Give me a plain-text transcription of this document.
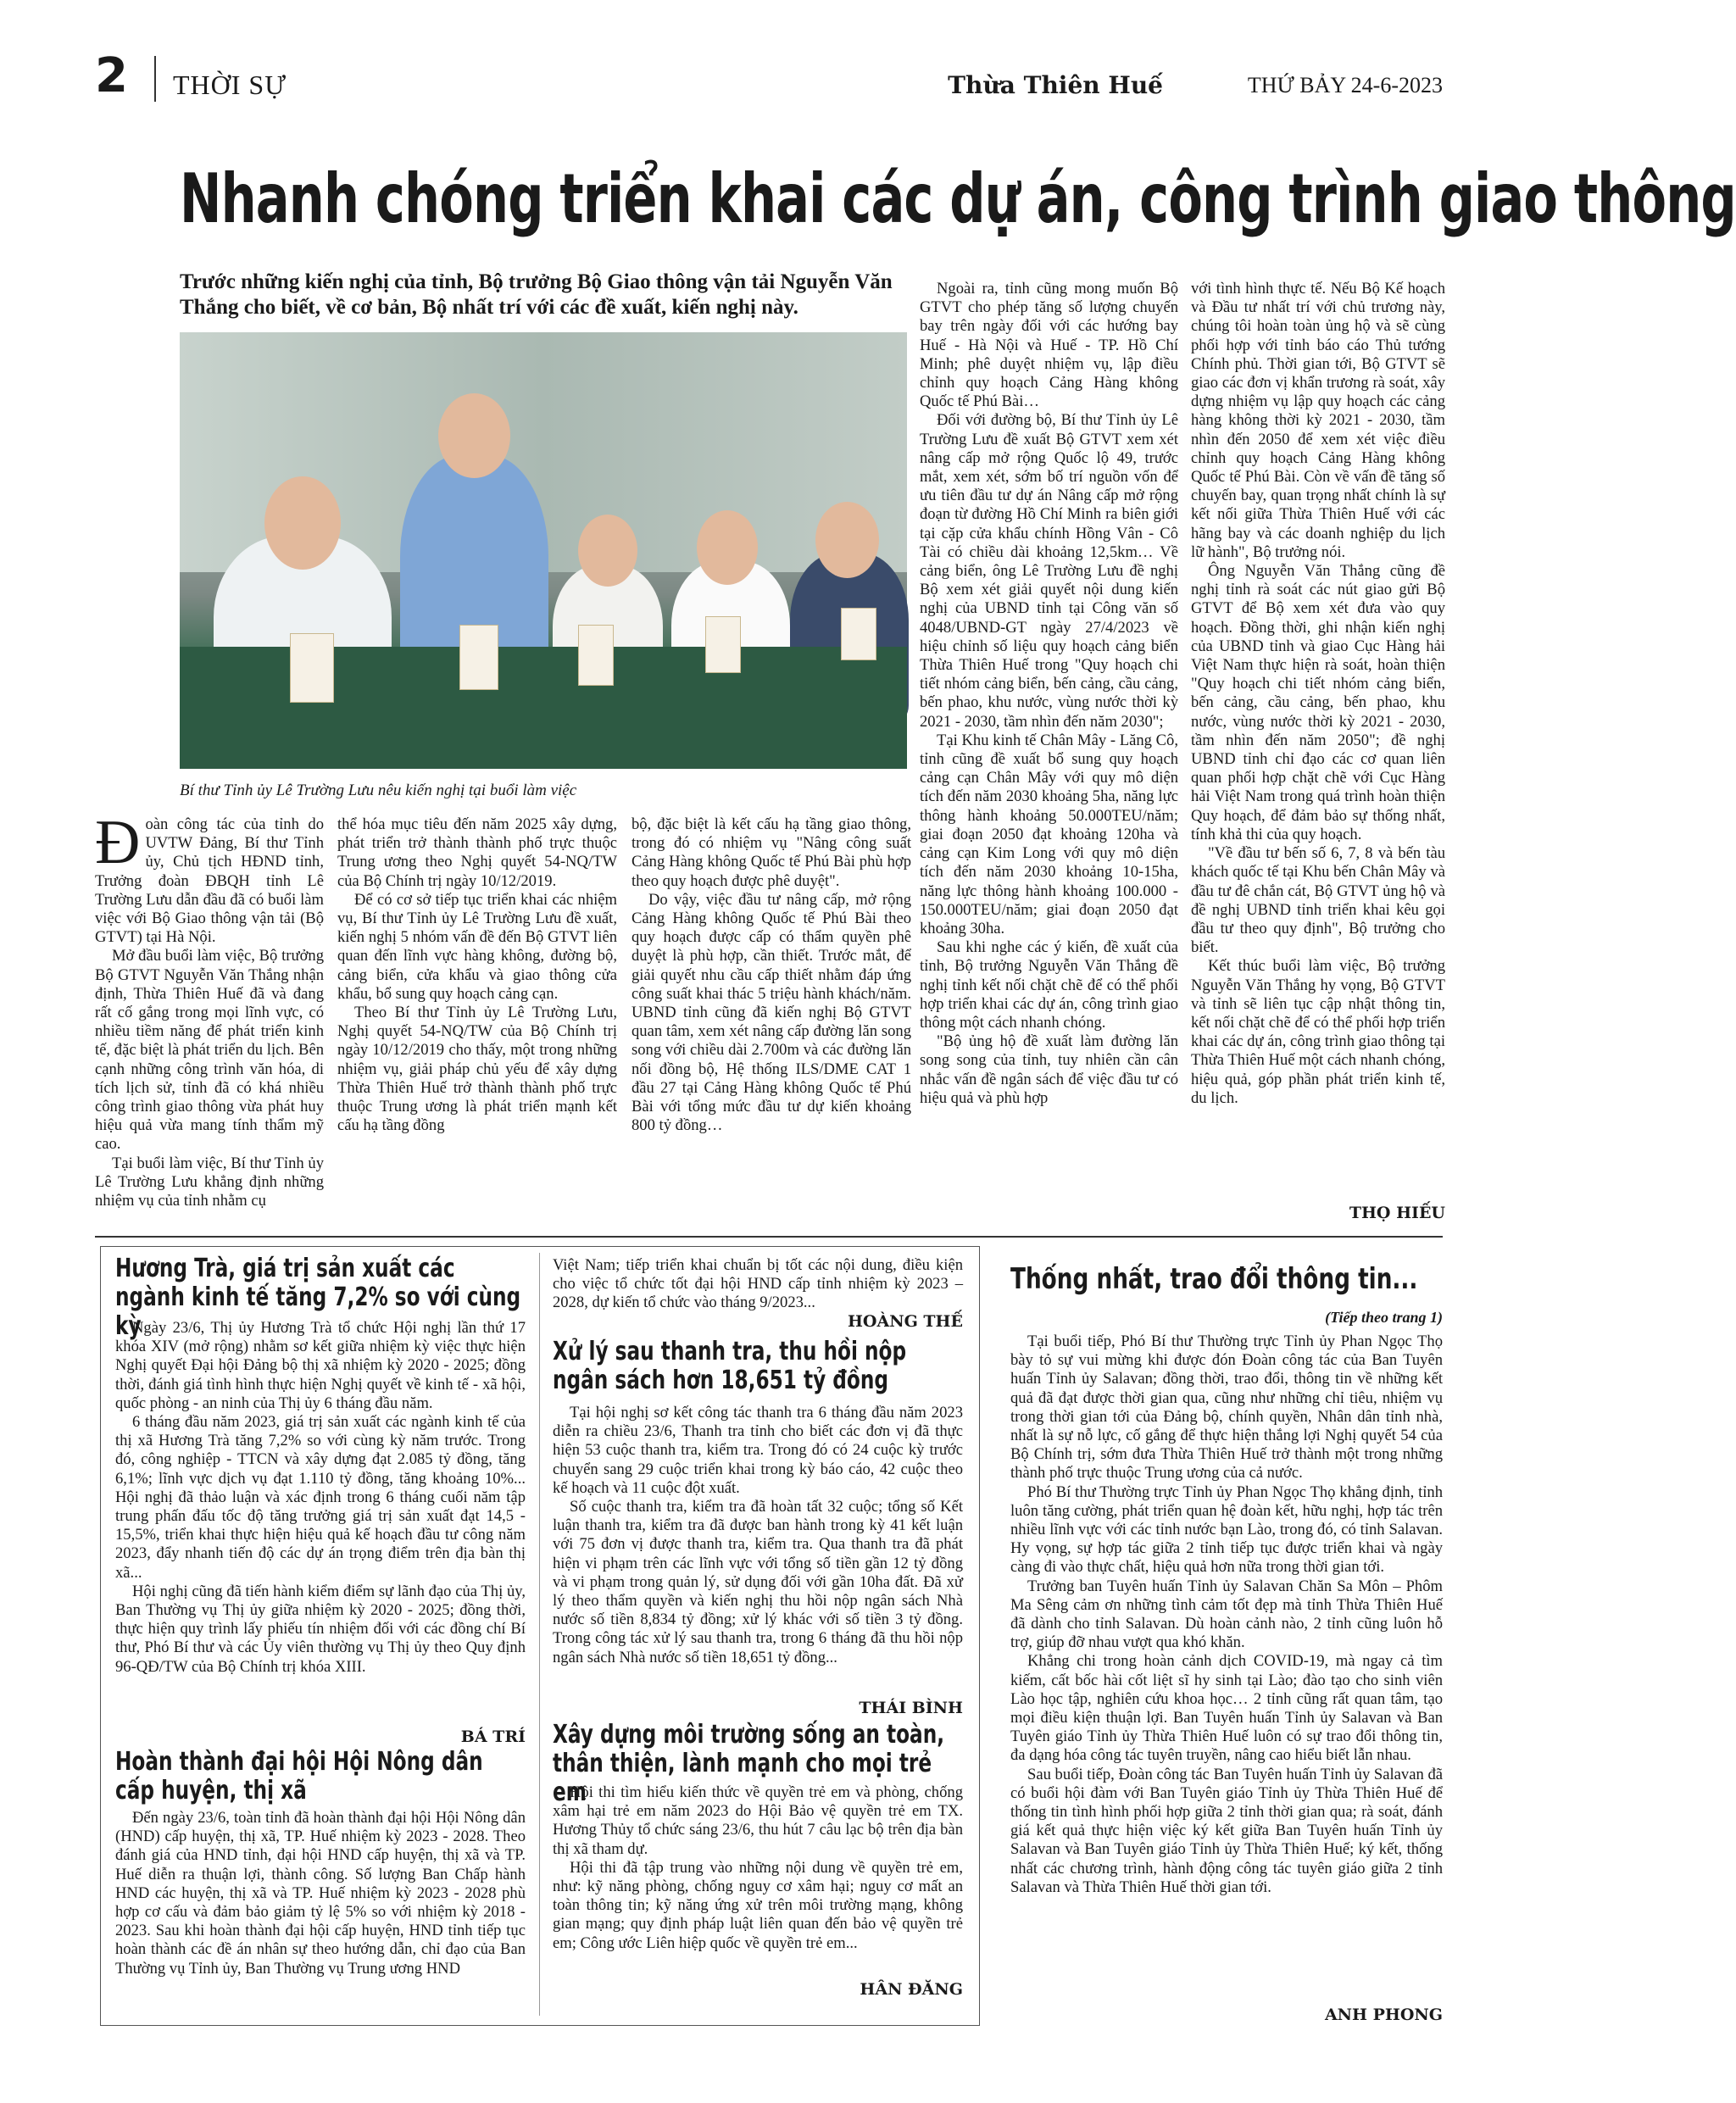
2 THỜI SỰ	Thừa Thiên Huế	THỨ BẢY 24-6-2023
Nhanh chóng triển khai các dự án, công trình giao thông
Trước những kiến nghị của tỉnh, Bộ trưởng Bộ Giao thông vận tải Nguyễn Văn Thắng cho biết, về cơ bản, Bộ nhất trí với các đề xuất, kiến nghị này.
Bí thư Tỉnh ủy Lê Trường Lưu nêu kiến nghị tại buổi làm việc

Đoàn công tác của tỉnh do UVTW Đảng, Bí thư Tỉnh ủy, Chủ tịch HĐND tỉnh, Trưởng đoàn ĐBQH tỉnh Lê Trường Lưu dẫn đầu đã có buổi làm việc với Bộ Giao thông vận tải (Bộ GTVT) tại Hà Nội.

Mở đầu buổi làm việc, Bộ trưởng Bộ GTVT Nguyễn Văn Thắng nhận định, Thừa Thiên Huế đã và đang rất cố gắng trong mọi lĩnh vực, có nhiều tiềm năng để phát triển kinh tế, đặc biệt là phát triển du lịch. Bên cạnh những công trình văn hóa, di tích lịch sử, tỉnh đã có khá nhiều công trình giao thông vừa phát huy hiệu quả vừa mang tính thẩm mỹ cao.

Tại buổi làm việc, Bí thư Tỉnh ủy Lê Trường Lưu khẳng định những nhiệm vụ của tỉnh nhằm cụ

thể hóa mục tiêu đến năm 2025 xây dựng, phát triển trở thành thành phố trực thuộc Trung ương theo Nghị quyết 54-NQ/TW của Bộ Chính trị ngày 10/12/2019.

Để có cơ sở tiếp tục triển khai các nhiệm vụ, Bí thư Tỉnh ủy Lê Trường Lưu đề xuất, kiến nghị 5 nhóm vấn đề đến Bộ GTVT liên quan đến lĩnh vực hàng không, đường bộ, cảng biển, cửa khẩu và giao thông cửa khẩu, bổ sung quy hoạch cảng cạn.

Theo Bí thư Tỉnh ủy Lê Trường Lưu, Nghị quyết 54-NQ/TW của Bộ Chính trị ngày 10/12/2019 cho thấy, một trong những nhiệm vụ, giải pháp chủ yếu để xây dựng Thừa Thiên Huế trở thành thành phố trực thuộc Trung ương là phát triển mạnh kết cấu hạ tầng đồng

bộ, đặc biệt là kết cấu hạ tầng giao thông, trong đó có nhiệm vụ "Nâng công suất Cảng Hàng không Quốc tế Phú Bài phù hợp theo quy hoạch được phê duyệt".

Do vậy, việc đầu tư nâng cấp, mở rộng Cảng Hàng không Quốc tế Phú Bài theo quy hoạch được cấp có thẩm quyền phê duyệt là phù hợp, cần thiết. Trước mắt, để giải quyết nhu cầu cấp thiết nhằm đáp ứng công suất khai thác 5 triệu hành khách/năm. UBND tỉnh cũng đã kiến nghị Bộ GTVT quan tâm, xem xét nâng cấp đường lăn song song với chiều dài 2.700m và các đường lăn nối đồng bộ, Hệ thống ILS/DME CAT 1 đầu 27 tại Cảng Hàng không Quốc tế Phú Bài với tổng mức đầu tư dự kiến khoảng 800 tỷ đồng…

Ngoài ra, tỉnh cũng mong muốn Bộ GTVT cho phép tăng số lượng chuyến bay trên ngày đối với các hướng bay Huế - Hà Nội và Huế - TP. Hồ Chí Minh; phê duyệt nhiệm vụ, lập điều chỉnh quy hoạch Cảng Hàng không Quốc tế Phú Bài…

Đối với đường bộ, Bí thư Tỉnh ủy Lê Trường Lưu đề xuất Bộ GTVT xem xét nâng cấp mở rộng Quốc lộ 49, trước mắt, xem xét, sớm bố trí nguồn vốn để ưu tiên đầu tư dự án Nâng cấp mở rộng đoạn từ đường Hồ Chí Minh ra biên giới tại cặp cửa khẩu chính Hồng Vân - Cô Tài có chiều dài khoảng 12,5km… Về cảng biển, ông Lê Trường Lưu đề nghị Bộ xem xét giải quyết nội dung kiến nghị của UBND tỉnh tại Công văn số 4048/UBND-GT ngày 27/4/2023 về hiệu chỉnh số liệu quy hoạch cảng biển Thừa Thiên Huế trong "Quy hoạch chi tiết nhóm cảng biển, bến cảng, cầu cảng, bến phao, khu nước, vùng nước thời kỳ 2021 - 2030, tầm nhìn đến năm 2030";

Tại Khu kinh tế Chân Mây - Lăng Cô, tỉnh cũng đề xuất bổ sung quy hoạch cảng cạn Chân Mây với quy mô diện tích đến năm 2030 khoảng 5ha, năng lực thông hành khoảng 50.000TEU/năm; giai đoạn 2050 đạt khoảng 120ha và cảng cạn Kim Long với quy mô diện tích đến năm 2030 khoảng 10-15ha, năng lực thông hành khoảng 100.000 - 150.000TEU/năm; giai đoạn 2050 đạt khoảng 30ha.

Sau khi nghe các ý kiến, đề xuất của tỉnh, Bộ trưởng Nguyễn Văn Thắng đề nghị tỉnh kết nối chặt chẽ để có thể phối hợp triển khai các dự án, công trình giao thông một cách nhanh chóng.

"Bộ ủng hộ đề xuất làm đường lăn song song của tỉnh, tuy nhiên cần cân nhắc vấn đề ngân sách để việc đầu tư có hiệu quả và phù hợp

với tình hình thực tế. Nếu Bộ Kế hoạch và Đầu tư nhất trí với chủ trương này, chúng tôi hoàn toàn ủng hộ và sẽ cùng phối hợp với tỉnh báo cáo Thủ tướng Chính phủ. Thời gian tới, Bộ GTVT sẽ giao các đơn vị khẩn trương rà soát, xây dựng nhiệm vụ lập quy hoạch các cảng hàng không thời kỳ 2021 - 2030, tầm nhìn đến 2050 để xem xét việc điều chỉnh quy hoạch Cảng Hàng không Quốc tế Phú Bài. Còn về vấn đề tăng số chuyến bay, quan trọng nhất chính là sự kết nối giữa Thừa Thiên Huế với các hãng bay và các doanh nghiệp du lịch lữ hành", Bộ trưởng nói.

Ông Nguyễn Văn Thắng cũng đề nghị tỉnh rà soát các nút giao gửi Bộ GTVT để Bộ xem xét đưa vào quy hoạch. Đồng thời, ghi nhận kiến nghị của UBND tỉnh và giao Cục Hàng hải Việt Nam thực hiện rà soát, hoàn thiện "Quy hoạch chi tiết nhóm cảng biển, bến cảng, cầu cảng, bến phao, khu nước, vùng nước thời kỳ 2021 - 2030, tầm nhìn đến năm 2050"; đề nghị UBND tỉnh chỉ đạo các cơ quan liên quan phối hợp chặt chẽ với Cục Hàng hải Việt Nam trong quá trình hoàn thiện Quy hoạch, để đảm bảo sự thống nhất, tính khả thi của quy hoạch.

"Về đầu tư bến số 6, 7, 8 và bến tàu khách quốc tế tại Khu bến Chân Mây và đầu tư đê chắn cát, Bộ GTVT ủng hộ và đề nghị UBND tỉnh triển khai kêu gọi đầu tư theo quy định", Bộ trưởng cho biết.

Kết thúc buổi làm việc, Bộ trưởng Nguyễn Văn Thắng hy vọng, Bộ GTVT và tỉnh sẽ liên tục cập nhật thông tin, kết nối chặt chẽ để có thể phối hợp triển khai các dự án, công trình giao thông tại Thừa Thiên Huế một cách nhanh chóng, hiệu quả, góp phần phát triển kinh tế, du lịch.

THỌ HIẾU
Hương Trà, giá trị sản xuất các ngành kinh tế tăng 7,2% so với cùng kỳ

Ngày 23/6, Thị ủy Hương Trà tổ chức Hội nghị lần thứ 17 khóa XIV (mở rộng) nhằm sơ kết giữa nhiệm kỳ việc thực hiện Nghị quyết Đại hội Đảng bộ thị xã nhiệm kỳ 2020 - 2025; đồng thời, đánh giá tình hình thực hiện Nghị quyết về kinh tế - xã hội, quốc phòng - an ninh của Thị ủy 6 tháng đầu năm.

6 tháng đầu năm 2023, giá trị sản xuất các ngành kinh tế của thị xã Hương Trà tăng 7,2% so với cùng kỳ năm trước. Trong đó, công nghiệp - TTCN và xây dựng đạt 2.085 tỷ đồng, tăng 6,1%; lĩnh vực dịch vụ đạt 1.110 tỷ đồng, tăng khoảng 10%... Hội nghị đã thảo luận và xác định trong 6 tháng cuối năm tập trung phấn đấu tốc độ tăng trưởng giá trị sản xuất đạt 14,5 - 15,5%, triển khai thực hiện hiệu quả kế hoạch đầu tư công năm 2023, đẩy nhanh tiến độ các dự án trọng điểm trên địa bàn thị xã...

Hội nghị cũng đã tiến hành kiểm điểm sự lãnh đạo của Thị ủy, Ban Thường vụ Thị ủy giữa nhiệm kỳ 2020 - 2025; đồng thời, thực hiện quy trình lấy phiếu tín nhiệm đối với các đồng chí Bí thư, Phó Bí thư và các Ủy viên thường vụ Thị ủy theo Quy định 96-QĐ/TW của Bộ Chính trị khóa XIII.

BÁ TRÍ
Hoàn thành đại hội Hội Nông dân cấp huyện, thị xã

Đến ngày 23/6, toàn tỉnh đã hoàn thành đại hội Hội Nông dân (HND) cấp huyện, thị xã, TP. Huế nhiệm kỳ 2023 - 2028. Theo đánh giá của HND tỉnh, đại hội HND cấp huyện, thị xã và TP. Huế diễn ra thuận lợi, thành công. Số lượng Ban Chấp hành HND các huyện, thị xã và TP. Huế nhiệm kỳ 2023 - 2028 phù hợp cơ cấu và đảm bảo giảm tỷ lệ 5% so với nhiệm kỳ 2018 - 2023. Sau khi hoàn thành đại hội cấp huyện, HND tỉnh tiếp tục hoàn thành các đề án nhân sự theo hướng dẫn, chỉ đạo của Ban Thường vụ Tỉnh ủy, Ban Thường vụ Trung ương HND

Việt Nam; tiếp triển khai chuẩn bị tốt các nội dung, điều kiện cho việc tổ chức tốt đại hội HND cấp tỉnh nhiệm kỳ 2023 – 2028, dự kiến tổ chức vào tháng 9/2023...

HOÀNG THẾ
Xử lý sau thanh tra, thu hồi nộp ngân sách hơn 18,651 tỷ đồng

Tại hội nghị sơ kết công tác thanh tra 6 tháng đầu năm 2023 diễn ra chiều 23/6, Thanh tra tỉnh cho biết các đơn vị đã thực hiện 53 cuộc thanh tra, kiểm tra. Trong đó có 24 cuộc kỳ trước chuyển sang 29 cuộc triển khai trong kỳ báo cáo, 42 cuộc theo kế hoạch và 11 cuộc đột xuất.

Số cuộc thanh tra, kiểm tra đã hoàn tất 32 cuộc; tổng số Kết luận thanh tra, kiểm tra đã được ban hành trong kỳ 41 kết luận với 75 đơn vị được thanh tra, kiểm tra. Qua thanh tra đã phát hiện vi phạm trên các lĩnh vực với tổng số tiền gần 12 tỷ đồng và vi phạm trong quản lý, sử dụng đối với gần 10ha đất. Đã xử lý theo thẩm quyền và kiến nghị thu hồi nộp ngân sách Nhà nước số tiền 8,834 tỷ đồng; xử lý khác với số tiền 3 tỷ đồng. Trong công tác xử lý sau thanh tra, trong 6 tháng đã thu hồi nộp ngân sách Nhà nước số tiền 18,651 tỷ đồng...

THÁI BÌNH
Xây dựng môi trường sống an toàn, thân thiện, lành mạnh cho mọi trẻ em

Hội thi tìm hiểu kiến thức về quyền trẻ em và phòng, chống xâm hại trẻ em năm 2023 do Hội Bảo vệ quyền trẻ em TX. Hương Thủy tổ chức sáng 23/6, thu hút 7 câu lạc bộ trên địa bàn thị xã tham dự.

Hội thi đã tập trung vào những nội dung về quyền trẻ em, như: kỹ năng phòng, chống nguy cơ xâm hại; nguy cơ mất an toàn thông tin; kỹ năng ứng xử trên môi trường mạng, không gian mạng; quy định pháp luật liên quan đến bảo vệ quyền trẻ em; Công ước Liên hiệp quốc về quyền trẻ em...

HÂN ĐĂNG
Thống nhất, trao đổi thông tin...
(Tiếp theo trang 1)

Tại buổi tiếp, Phó Bí thư Thường trực Tỉnh ủy Phan Ngọc Thọ bày tỏ sự vui mừng khi được đón Đoàn công tác của Ban Tuyên huấn Tỉnh ủy Salavan; đồng thời, trao đổi, thông tin về những kết quả đã đạt được thời gian qua, cũng như những chỉ tiêu, nhiệm vụ trong thời gian tới của Đảng bộ, chính quyền, Nhân dân tỉnh nhà, nhất là sự nỗ lực, cố gắng để thực hiện thắng lợi Nghị quyết 54 của Bộ Chính trị, sớm đưa Thừa Thiên Huế trở thành một trong những thành phố trực thuộc Trung ương của cả nước.

Phó Bí thư Thường trực Tỉnh ủy Phan Ngọc Thọ khẳng định, tỉnh luôn tăng cường, phát triển quan hệ đoàn kết, hữu nghị, hợp tác trên nhiều lĩnh vực với các tỉnh nước bạn Lào, trong đó, có tỉnh Salavan. Hy vọng, sự hợp tác giữa 2 tỉnh tiếp tục được triển khai và ngày càng đi vào thực chất, hiệu quả hơn nữa trong thời gian tới.

Trưởng ban Tuyên huấn Tỉnh ủy Salavan Chăn Sa Môn – Phôm Ma Sêng cảm ơn những tình cảm tốt đẹp mà tỉnh Thừa Thiên Huế đã dành cho tỉnh Salavan. Dù hoàn cảnh nào, 2 tỉnh cũng luôn hỗ trợ, giúp đỡ nhau vượt qua khó khăn.

Khẳng chi trong hoàn cảnh dịch COVID-19, mà ngay cả tìm kiếm, cất bốc hài cốt liệt sĩ hy sinh tại Lào; đào tạo cho sinh viên Lào học tập, nghiên cứu khoa học… 2 tỉnh cũng rất quan tâm, tạo mọi điều kiện thuận lợi. Ban Tuyên huấn Tỉnh ủy Salavan và Ban Tuyên giáo Tỉnh ủy Thừa Thiên Huế luôn có sự trao đổi thông tin, đa dạng hóa công tác tuyên truyền, nâng cao hiểu biết lẫn nhau.

Sau buổi tiếp, Đoàn công tác Ban Tuyên huấn Tỉnh ủy Salavan đã có buổi hội đàm với Ban Tuyên giáo Tỉnh ủy Thừa Thiên Huế để thống tin tình hình phối hợp giữa 2 tỉnh thời gian qua; rà soát, đánh giá kết quả thực hiện việc ký kết giữa Ban Tuyên huấn Tỉnh ủy Salavan và Ban Tuyên giáo Tỉnh ủy Thừa Thiên Huế; ký kết, thống nhất các chương trình, hành động công tác tuyên giáo giữa 2 tỉnh Salavan và Thừa Thiên Huế thời gian tới.

ANH PHONG
